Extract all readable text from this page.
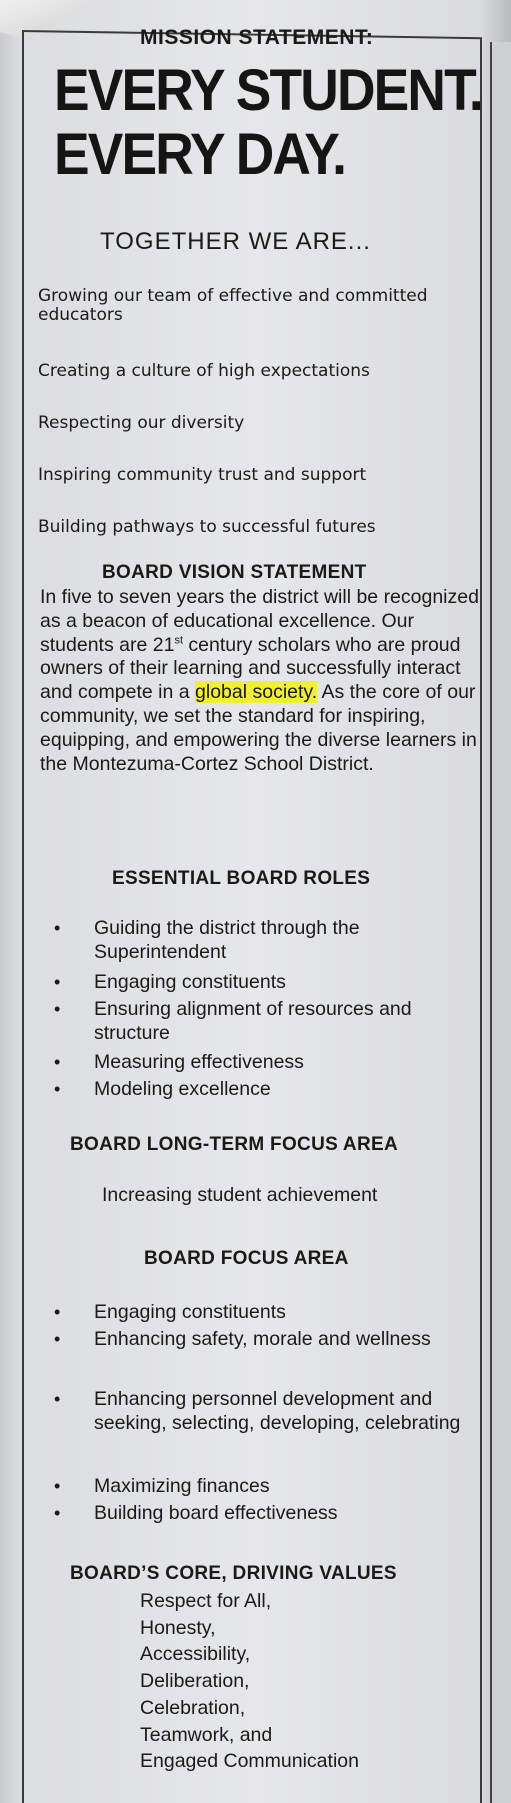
MISSION STATEMENT:
EVERY STUDENT.
EVERY DAY.
TOGETHER WE ARE...
Growing our team of effective and committed educators
Creating a culture of high expectations
Respecting our diversity
Inspiring community trust and support
Building pathways to successful futures
BOARD VISION STATEMENT
In five to seven years the district will be recognized as a beacon of educational excellence. Our students are 21st century scholars who are proud owners of their learning and successfully interact and compete in a global society. As the core of our community, we set the standard for inspiring, equipping, and empowering the diverse learners in the Montezuma-Cortez School District.
ESSENTIAL BOARD ROLES
• Guiding the district through the Superintendent
• Engaging constituents
• Ensuring alignment of resources and structure
• Measuring effectiveness
• Modeling excellence
BOARD LONG-TERM FOCUS AREA
Increasing student achievement
BOARD FOCUS AREA
• Engaging constituents
• Enhancing safety, morale and wellness
• Enhancing personnel development and seeking, selecting, developing, celebrating
• Maximizing finances
• Building board effectiveness
BOARD’S CORE, DRIVING VALUES
Respect for All,
Honesty,
Accessibility,
Deliberation,
Celebration,
Teamwork, and
Engaged Communication
